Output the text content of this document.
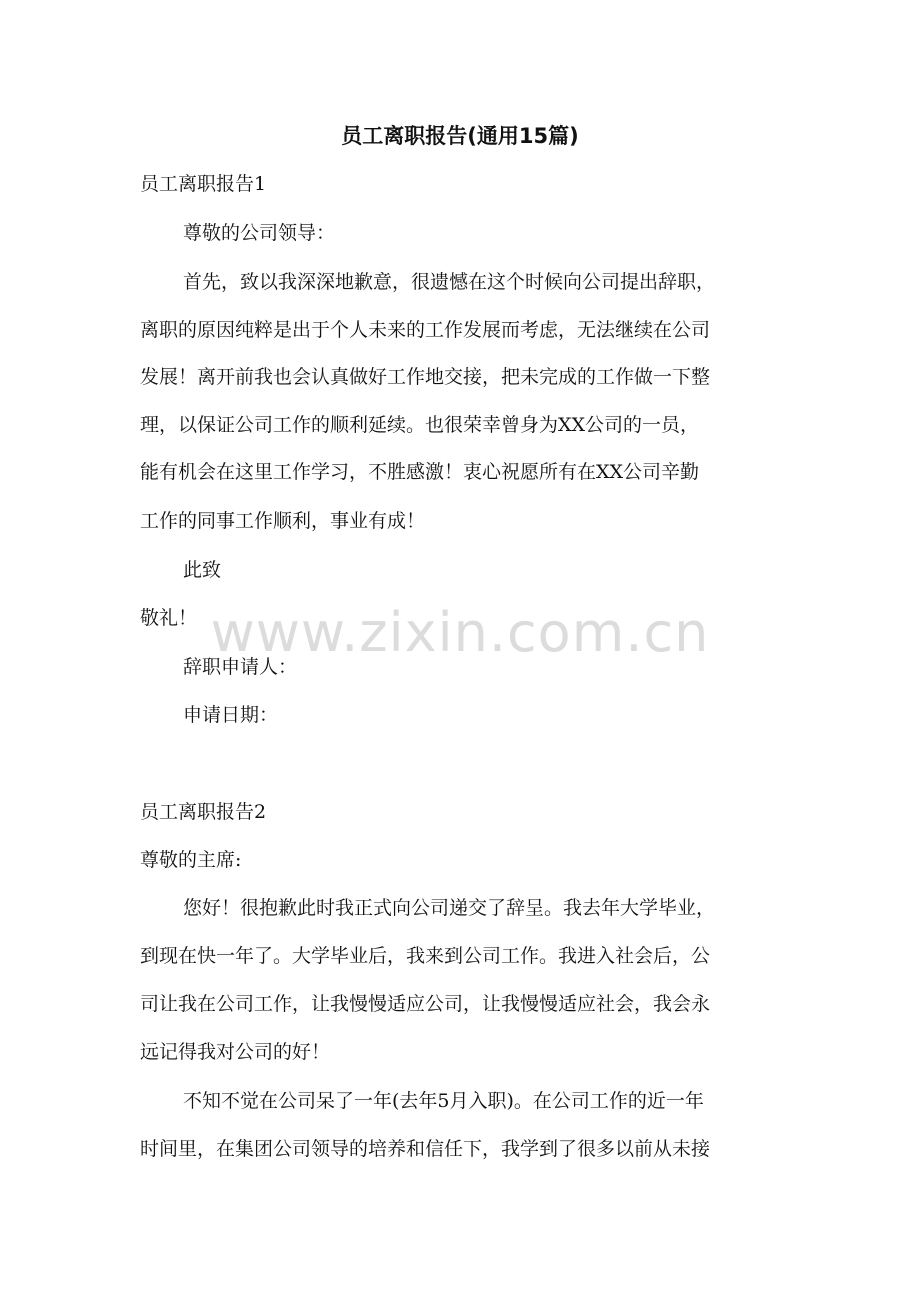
员工离职报告(通用15篇)
员工离职报告1
尊敬的公司领导：
首先，致以我深深地歉意，很遗憾在这个时候向公司提出辞职，
离职的原因纯粹是出于个人未来的工作发展而考虑，无法继续在公司
发展！离开前我也会认真做好工作地交接，把未完成的工作做一下整
理，以保证公司工作的顺利延续。也很荣幸曾身为XX公司的一员，
能有机会在这里工作学习，不胜感激！衷心祝愿所有在XX公司辛勤
工作的同事工作顺利，事业有成！
此致
敬礼！
辞职申请人：
申请日期：
员工离职报告2
尊敬的主席:
您好！很抱歉此时我正式向公司递交了辞呈。我去年大学毕业，
到现在快一年了。大学毕业后，我来到公司工作。我进入社会后，公
司让我在公司工作，让我慢慢适应公司，让我慢慢适应社会，我会永
远记得我对公司的好！
不知不觉在公司呆了一年(去年5月入职)。在公司工作的近一年
时间里，在集团公司领导的培养和信任下，我学到了很多以前从未接
www.zixin.com.cn
